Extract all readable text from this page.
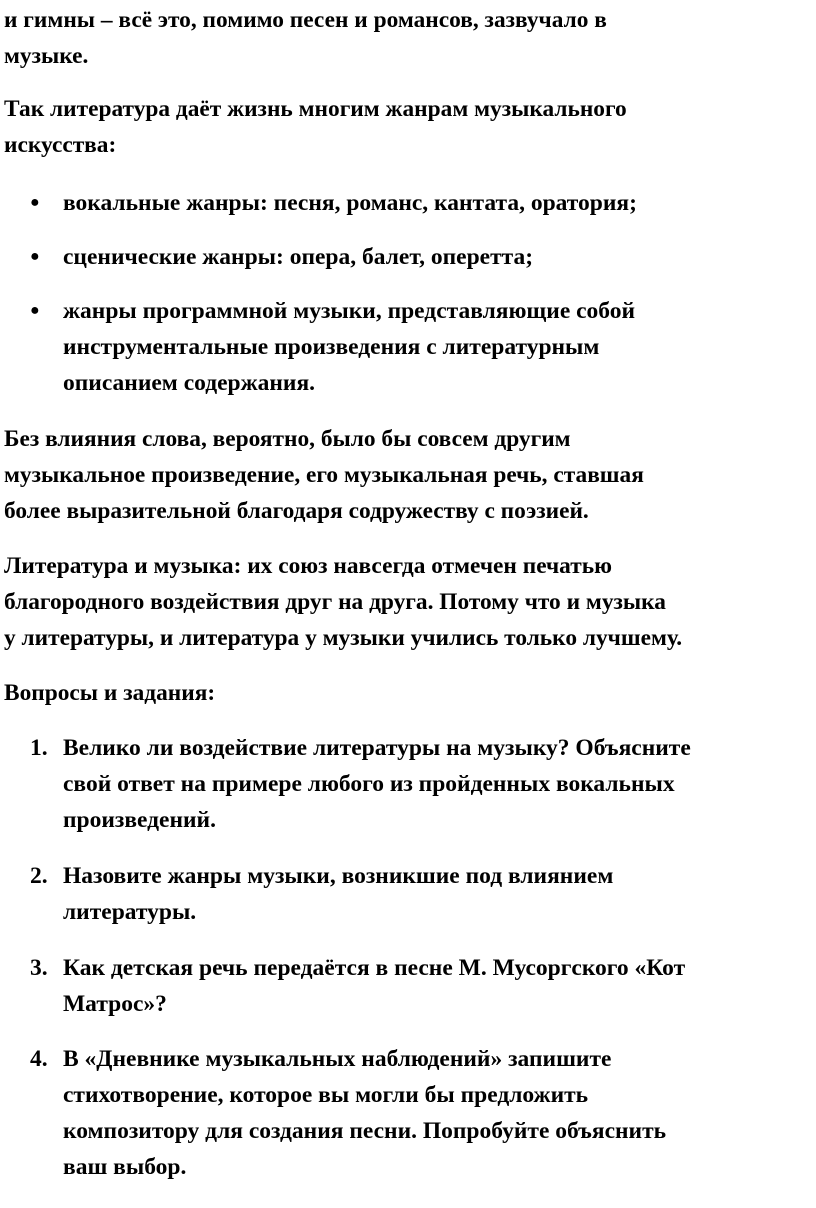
и гимны – всё это, помимо песен и романсов, зазвучало в
музыке.

Так литература даёт жизнь многим жанрам музыкального
искусства:

● вокальные жанры: песня, романс, кантата, оратория;
● сценические жанры: опера, балет, оперетта;
● жанры программной музыки, представляющие собой
инструментальные произведения с литературным
описанием содержания.

Без влияния слова, вероятно, было бы совсем другим
музыкальное произведение, его музыкальная речь, ставшая
более выразительной благодаря содружеству с поэзией.

Литература и музыка: их союз навсегда отмечен печатью
благородного воздействия друг на друга. Потому что и музыка
у литературы, и литература у музыки учились только лучшему.

Вопросы и задания:

1. Велико ли воздействие литературы на музыку? Объясните
свой ответ на примере любого из пройденных вокальных
произведений.
2. Назовите жанры музыки, возникшие под влиянием
литературы.
3. Как детская речь передаётся в песне М. Мусоргского «Кот
Матрос»?
4. В «Дневнике музыкальных наблюдений» запишите
стихотворение, которое вы могли бы предложить
композитору для создания песни. Попробуйте объяснить
ваш выбор.
